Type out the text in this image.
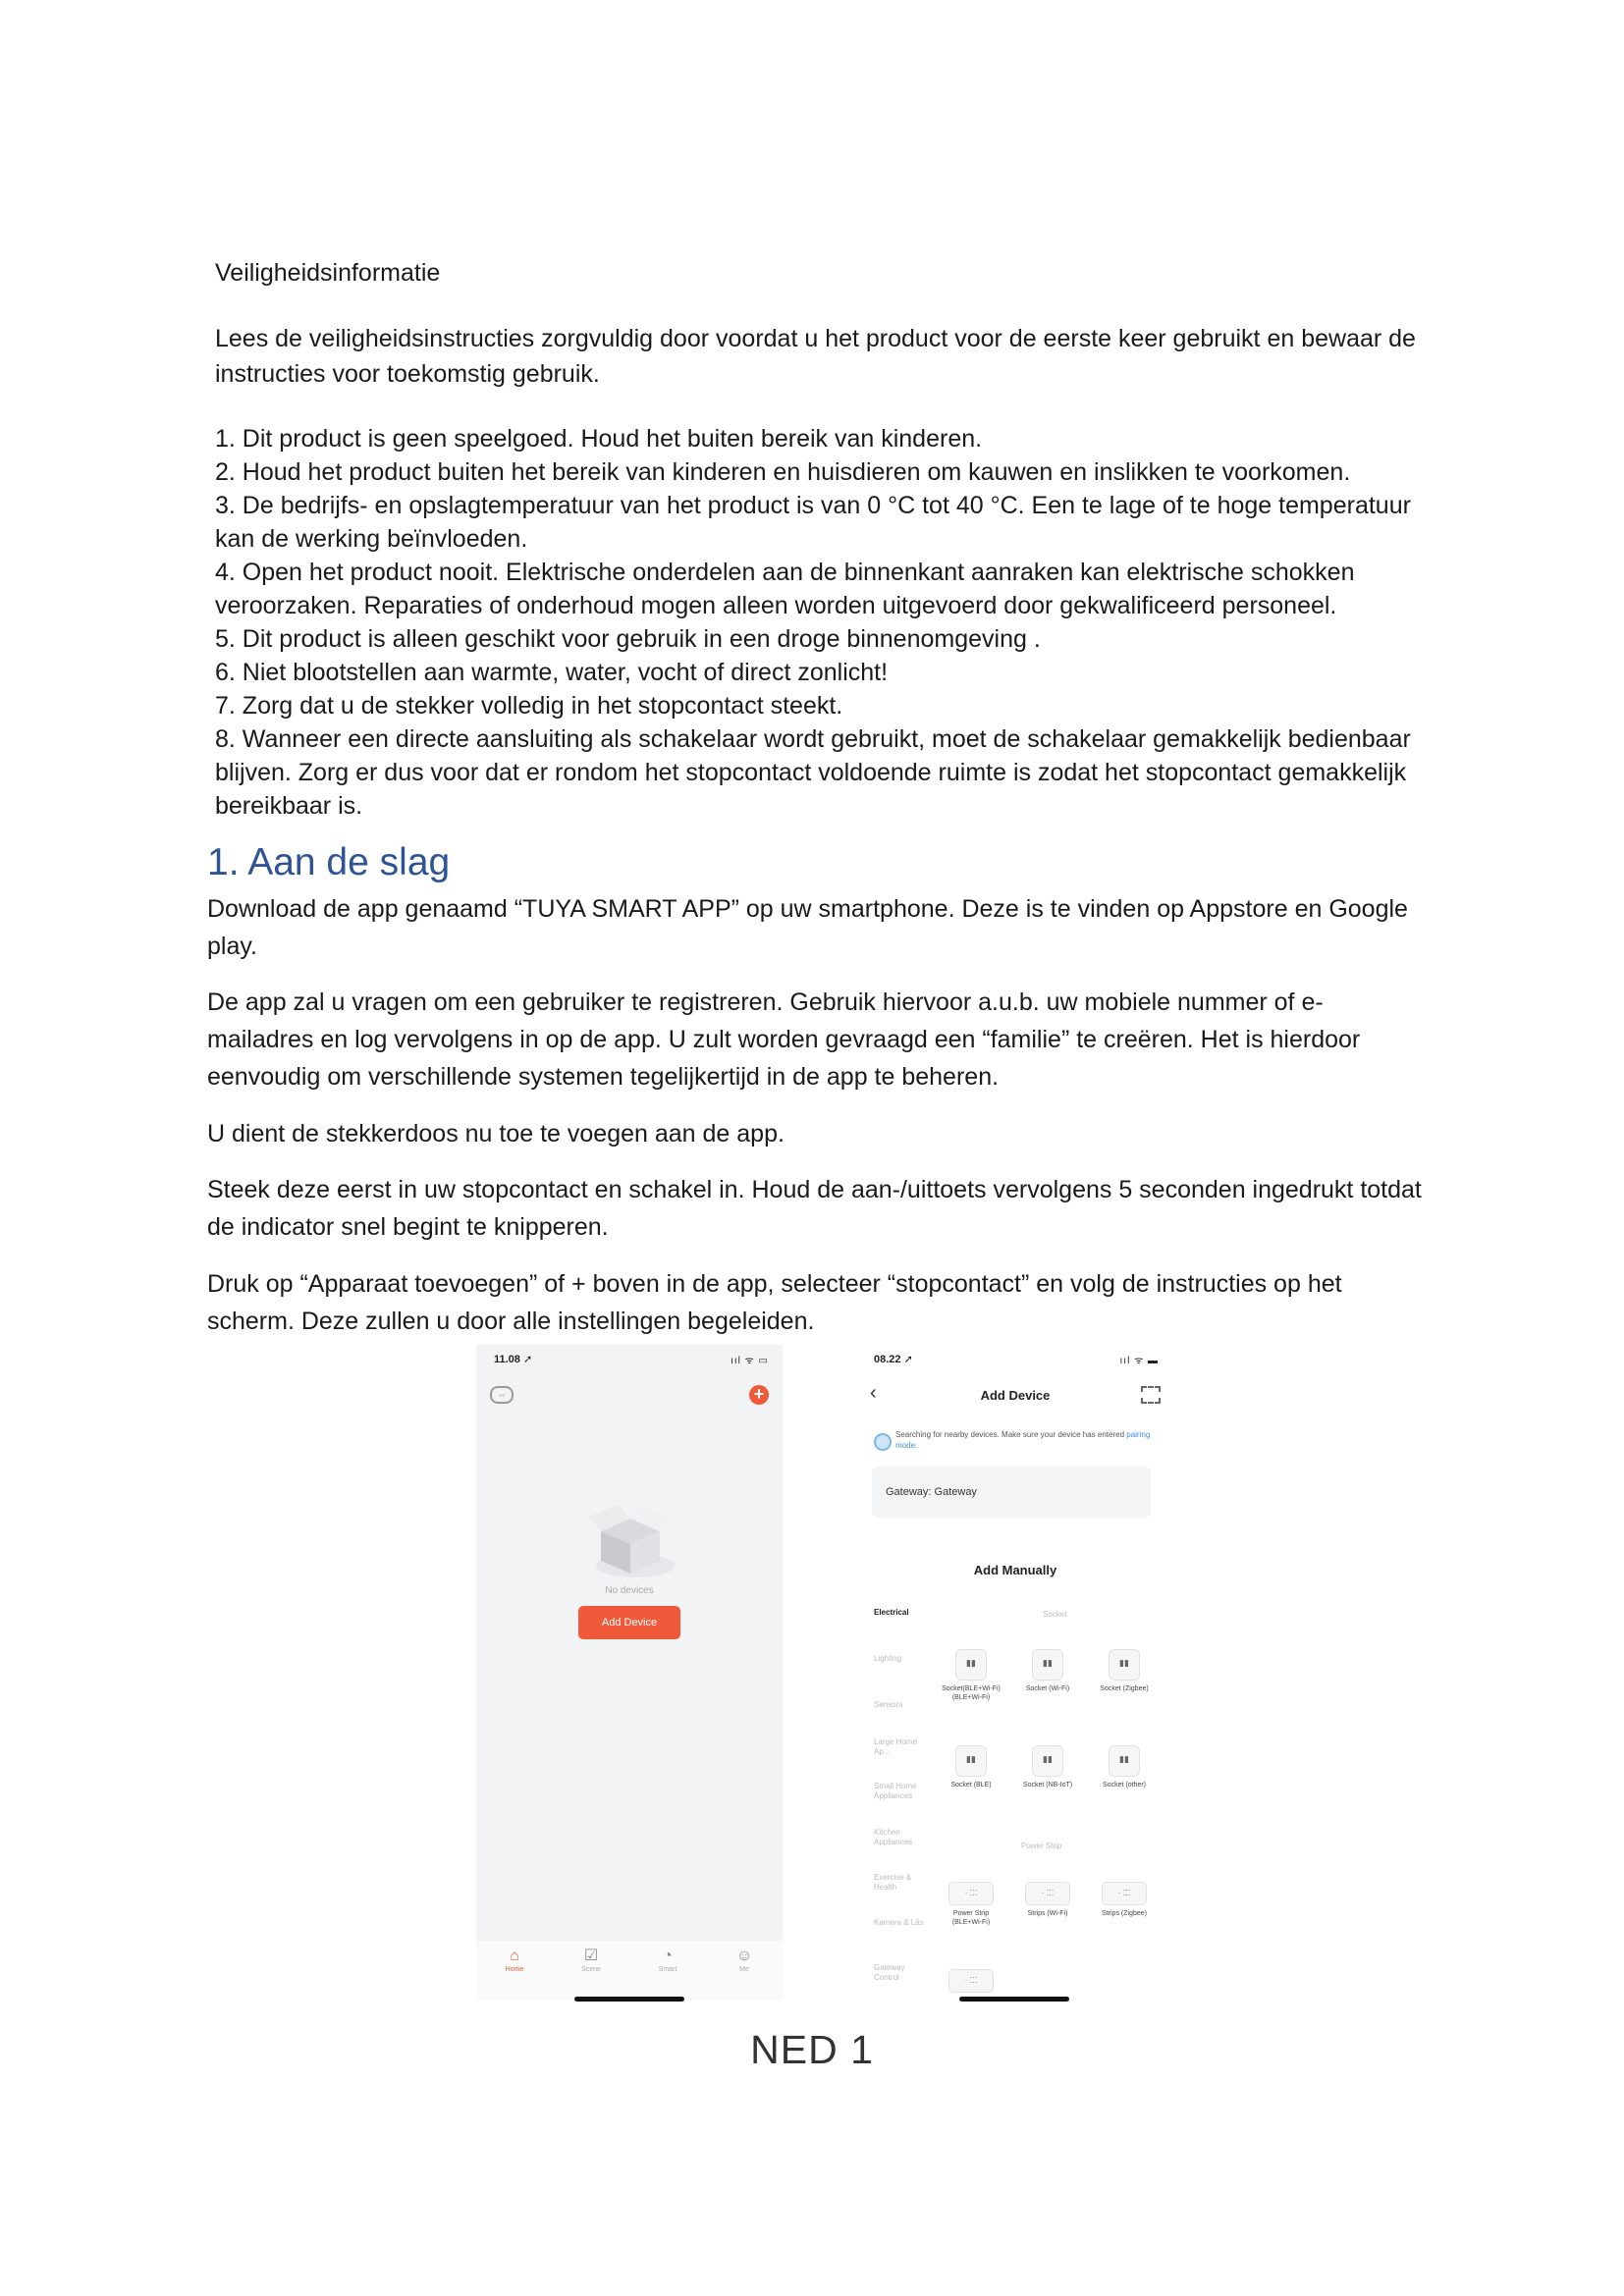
Veiligheidsinformatie

Lees de veiligheidsinstructies zorgvuldig door voordat u het product voor de eerste keer gebruikt en bewaar de instructies voor toekomstig gebruik.

1. Dit product is geen speelgoed. Houd het buiten bereik van kinderen.
2. Houd het product buiten het bereik van kinderen en huisdieren om kauwen en inslikken te voorkomen.
3. De bedrijfs- en opslagtemperatuur van het product is van 0 °C tot 40 °C. Een te lage of te hoge temperatuur kan de werking beïnvloeden.
4. Open het product nooit. Elektrische onderdelen aan de binnenkant aanraken kan elektrische schokken veroorzaken. Reparaties of onderhoud mogen alleen worden uitgevoerd door gekwalificeerd personeel.
5. Dit product is alleen geschikt voor gebruik in een droge binnenomgeving .
6. Niet blootstellen aan warmte, water, vocht of direct zonlicht!
7. Zorg dat u de stekker volledig in het stopcontact steekt.
8. Wanneer een directe aansluiting als schakelaar wordt gebruikt, moet de schakelaar gemakkelijk bedienbaar blijven. Zorg er dus voor dat er rondom het stopcontact voldoende ruimte is zodat het stopcontact gemakkelijk bereikbaar is.
1. Aan de slag

Download de app genaamd “TUYA SMART APP” op uw smartphone. Deze is te vinden op Appstore en Google play.

De app zal u vragen om een gebruiker te registreren. Gebruik hiervoor a.u.b. uw mobiele nummer of e-mailadres en log vervolgens in op de app. U zult worden gevraagd een “familie” te creëren. Het is hierdoor eenvoudig om verschillende systemen tegelijkertijd in de app te beheren.

U dient de stekkerdoos nu toe te voegen aan de app.

Steek deze eerst in uw stopcontact en schakel in. Houd de aan-/uittoets vervolgens 5 seconden ingedrukt totdat de indicator snel begint te knipperen.

Druk op “Apparaat toevoegen” of + boven in de app, selecteer “stopcontact” en volg de instructies op het scherm. Deze zullen u door alle instellingen begeleiden.

11.08 ➚	ııl ᯤ ▭
◦◦	+
No devices
Add Device
⌂
Home
☑
Scene
◔
Smart
☺
Me
08.22 ➚	ııl ᯤ ▬
‹	Add Device
Searching for nearby devices. Make sure your device has entered pairing mode.
Gateway: Gateway
Add Manually
Electrical
Lighting
Sensors
Large Home Ap...
Small Home Appliances
Kitchen Appliances
Exercise & Health
Kamera & Lås
Gateway Control
Socket
▮▮
Socket(BLE+Wi-Fi) (BLE+Wi-Fi)
▮▮
Socket (Wi-Fi)
▮▮
Socket (Zigbee)
▮▮
Socket (BLE)
▮▮
Socket (NB-IoT)
▮▮
Socket (other)
Power Strip
· ⁚⁚⁚
Power Strip (BLE+Wi-Fi)
· ⁚⁚⁚
Strips (Wi-Fi)
· ⁚⁚⁚
Strips (Zigbee)
· ⁚⁚⁚
NED 1
